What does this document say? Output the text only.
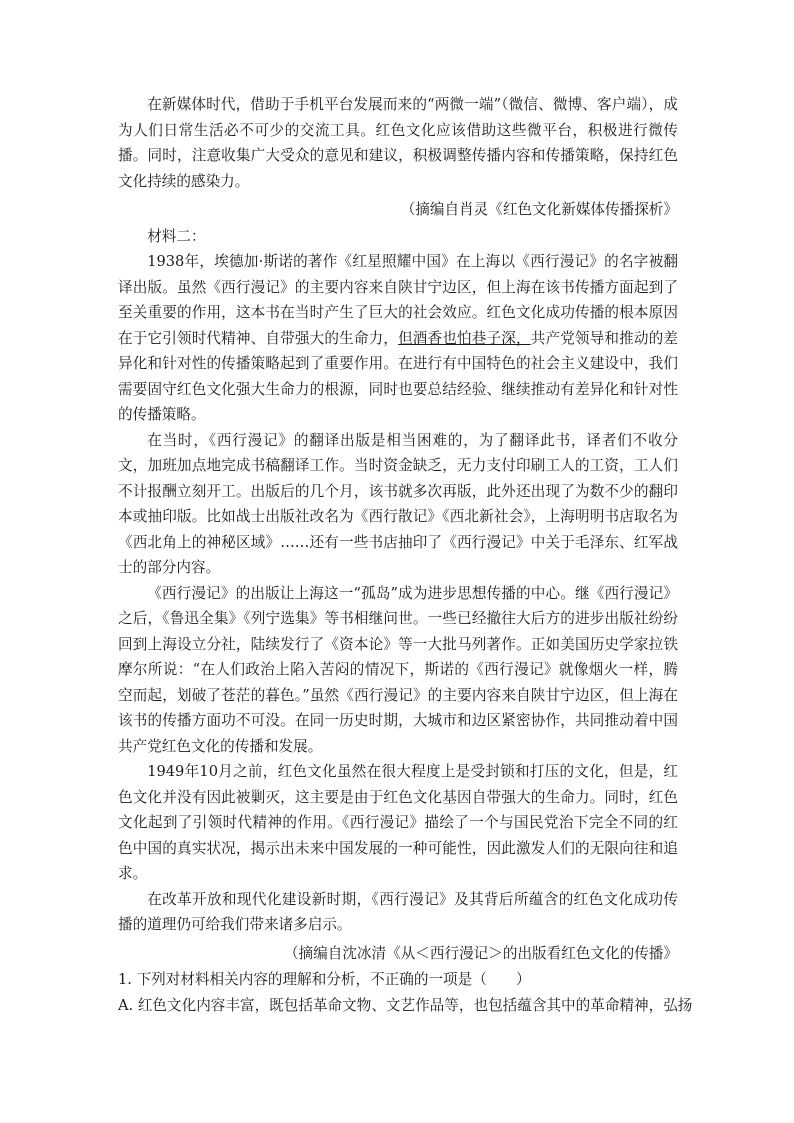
在新媒体时代，借助于手机平台发展而来的“两微一端”（微信、微博、客户端），成为人们日常生活必不可少的交流工具。红色文化应该借助这些微平台，积极进行微传播。同时，注意收集广大受众的意见和建议，积极调整传播内容和传播策略，保持红色文化持续的感染力。

（摘编自肖灵《红色文化新媒体传播探析》

材料二：

1938年，埃德加·斯诺的著作《红星照耀中国》在上海以《西行漫记》的名字被翻译出版。虽然《西行漫记》的主要内容来自陕甘宁边区，但上海在该书传播方面起到了至关重要的作用，这本书在当时产生了巨大的社会效应。红色文化成功传播的根本原因在于它引领时代精神、自带强大的生命力，但酒香也怕巷子深，共产党领导和推动的差异化和针对性的传播策略起到了重要作用。在进行有中国特色的社会主义建设中，我们需要固守红色文化强大生命力的根源，同时也要总结经验、继续推动有差异化和针对性的传播策略。

在当时，《西行漫记》的翻译出版是相当困难的，为了翻译此书，译者们不收分文，加班加点地完成书稿翻译工作。当时资金缺乏，无力支付印刷工人的工资，工人们不计报酬立刻开工。出版后的几个月，该书就多次再版，此外还出现了为数不少的翻印本或抽印版。比如战士出版社改名为《西行散记》《西北新社会》，上海明明书店取名为《西北角上的神秘区域》……还有一些书店抽印了《西行漫记》中关于毛泽东、红军战士的部分内容。

《西行漫记》的出版让上海这一“孤岛”成为进步思想传播的中心。继《西行漫记》之后，《鲁迅全集》《列宁选集》等书相继问世。一些已经撤往大后方的进步出版社纷纷回到上海设立分社，陆续发行了《资本论》等一大批马列著作。正如美国历史学家拉铁摩尔所说：“在人们政治上陷入苦闷的情况下，斯诺的《西行漫记》就像烟火一样，腾空而起，划破了苍茫的暮色。”虽然《西行漫记》的主要内容来自陕甘宁边区，但上海在该书的传播方面功不可没。在同一历史时期，大城市和边区紧密协作，共同推动着中国共产党红色文化的传播和发展。

1949年10月之前，红色文化虽然在很大程度上是受封锁和打压的文化，但是，红色文化并没有因此被剿灭，这主要是由于红色文化基因自带强大的生命力。同时，红色文化起到了引领时代精神的作用。《西行漫记》描绘了一个与国民党治下完全不同的红色中国的真实状况，揭示出未来中国发展的一种可能性，因此激发人们的无限向往和追求。

在改革开放和现代化建设新时期，《西行漫记》及其背后所蕴含的红色文化成功传播的道理仍可给我们带来诸多启示。

（摘编自沈冰清《从＜西行漫记＞的出版看红色文化的传播》

1. 下列对材料相关内容的理解和分析，不正确的一项是（　　）

A. 红色文化内容丰富，既包括革命文物、文艺作品等，也包括蕴含其中的革命精神，弘扬
